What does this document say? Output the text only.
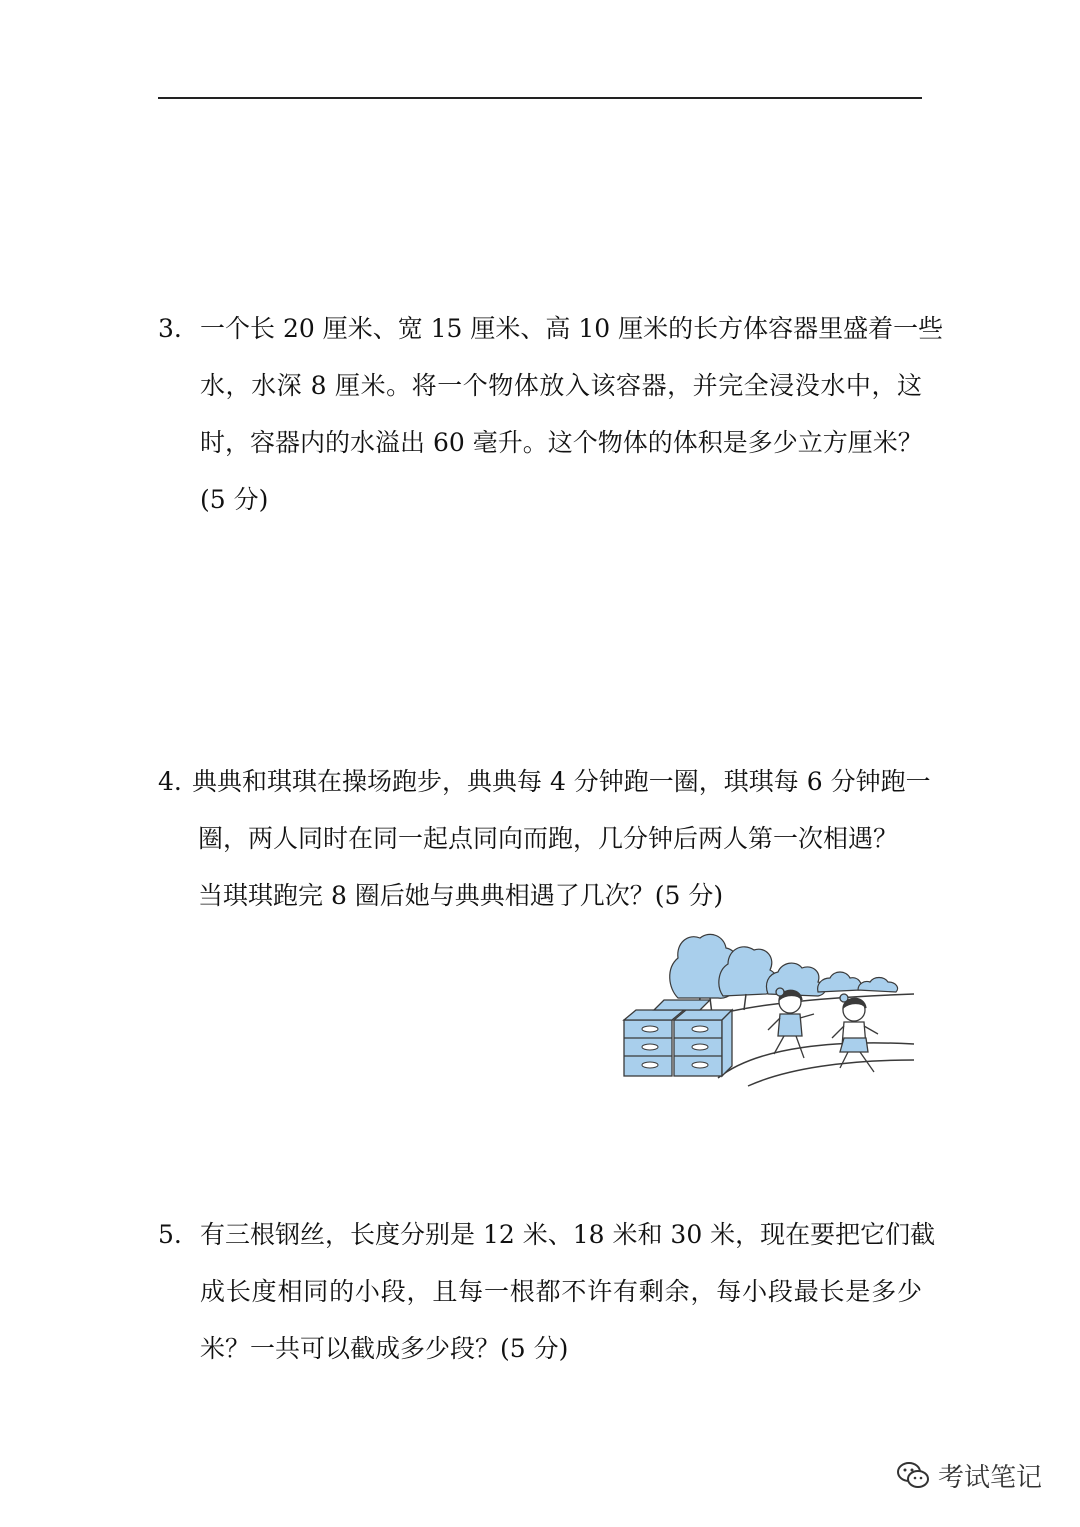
3. 一个长 20 厘米、宽 15 厘米、高 10 厘米的长方体容器里盛着一些
水，水深 8 厘米。将一个物体放入该容器，并完全浸没水中，这
时，容器内的水溢出 60 毫升。这个物体的体积是多少立方厘米？
(5 分)
4. 典典和琪琪在操场跑步，典典每 4 分钟跑一圈，琪琪每 6 分钟跑一
圈，两人同时在同一起点同向而跑，几分钟后两人第一次相遇？
当琪琪跑完 8 圈后她与典典相遇了几次？(5 分)
5. 有三根钢丝，长度分别是 12 米、18 米和 30 米，现在要把它们截
成长度相同的小段，且每一根都不许有剩余，每小段最长是多少
米？一共可以截成多少段？(5 分)
考试笔记
